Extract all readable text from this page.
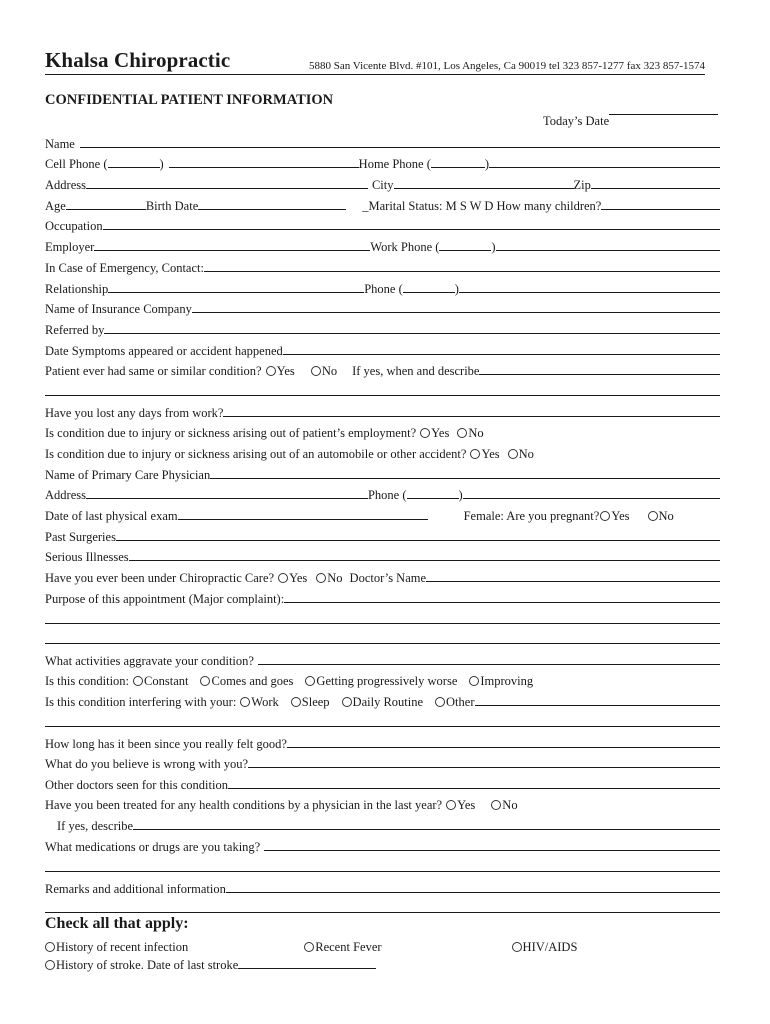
Khalsa Chiropractic	5880 San Vicente Blvd. #101, Los Angeles, Ca 90019 tel 323 857-1277 fax 323 857-1574
CONFIDENTIAL PATIENT INFORMATION
Today’s Date
Name
Cell Phone (	)	Home Phone (	)
Address	City	Zip
Age	Birth Date	_Marital Status: M S W D How many children?
Occupation
Employer	Work Phone (	)
In Case of Emergency, Contact:
Relationship	Phone (	)
Name of Insurance Company
Referred by
Date Symptoms appeared or accident happened
Patient ever had same or similar condition? Yes No If yes, when and describe
Have you lost any days from work?
Is condition due to injury or sickness arising out of patient’s employment? Yes No
Is condition due to injury or sickness arising out of an automobile or other accident? Yes No
Name of Primary Care Physician
Address	Phone (	)
Date of last physical exam	Female: Are you pregnant? Yes No
Past Surgeries
Serious Illnesses
Have you ever been under Chiropractic Care? Yes No Doctor’s Name
Purpose of this appointment (Major complaint):
What activities aggravate your condition?
Is this condition: Constant Comes and goes Getting progressively worse Improving
Is this condition interfering with your: Work Sleep Daily Routine Other
How long has it been since you really felt good?
What do you believe is wrong with you?
Other doctors seen for this condition
Have you been treated for any health conditions by a physician in the last year? Yes No
If yes, describe
What medications or drugs are you taking?
Remarks and additional information
Check all that apply:
History of recent infection	Recent Fever	HIV/AIDS
History of stroke. Date of last stroke
